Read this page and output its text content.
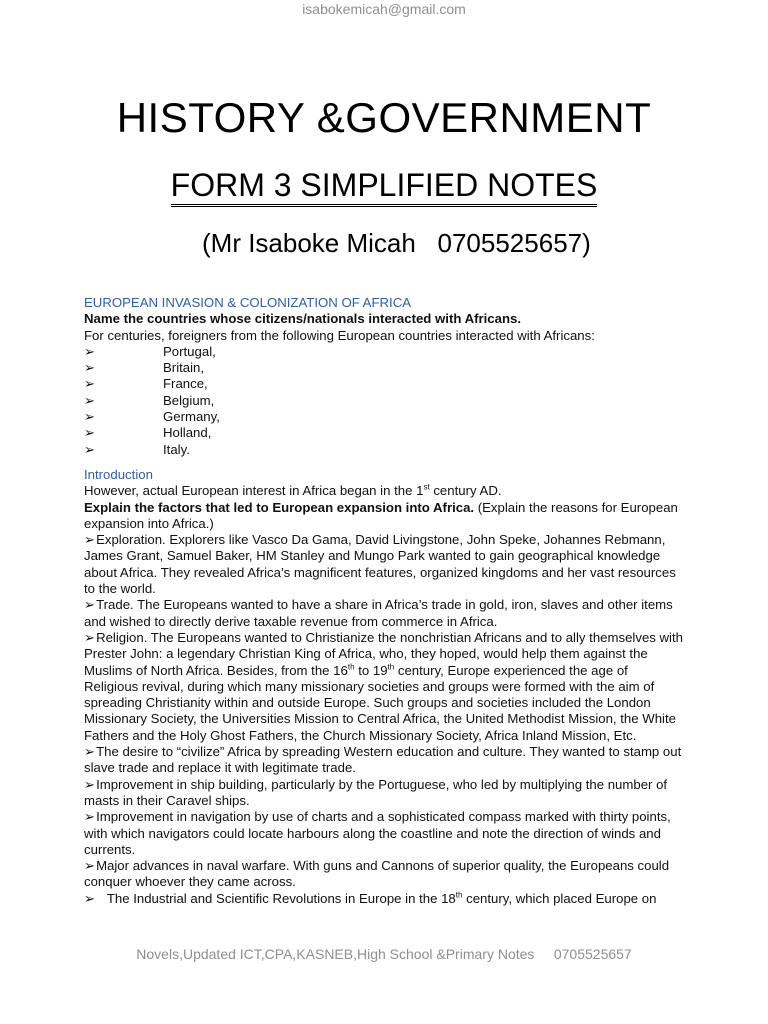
isabokemicah@gmail.com
HISTORY &GOVERNMENT
FORM 3 SIMPLIFIED NOTES
(Mr Isaboke Micah   0705525657)

EUROPEAN INVASION & COLONIZATION OF AFRICA

Name the countries whose citizens/nationals interacted with Africans.

For centuries, foreigners from the following European countries interacted with Africans:

➢	Portugal,
➢	Britain,
➢	France,
➢	Belgium,
➢	Germany,
➢	Holland,
➢	Italy.

Introduction

However, actual European interest in Africa began in the 1st century AD.

Explain the factors that led to European expansion into Africa. (Explain the reasons for European expansion into Africa.)

➢Exploration. Explorers like Vasco Da Gama, David Livingstone, John Speke, Johannes Rebmann, James Grant, Samuel Baker, HM Stanley and Mungo Park wanted to gain geographical knowledge about Africa. They revealed Africa’s magnificent features, organized kingdoms and her vast resources to the world.

➢Trade. The Europeans wanted to have a share in Africa’s trade in gold, iron, slaves and other items and wished to directly derive taxable revenue from commerce in Africa.

➢Religion. The Europeans wanted to Christianize the nonchristian Africans and to ally themselves with Prester John: a legendary Christian King of Africa, who, they hoped, would help them against the Muslims of North Africa. Besides, from the 16th to 19th century, Europe experienced the age of Religious revival, during which many missionary societies and groups were formed with the aim of spreading Christianity within and outside Europe. Such groups and societies included the London Missionary Society, the Universities Mission to Central Africa, the United Methodist Mission, the White Fathers and the Holy Ghost Fathers, the Church Missionary Society, Africa Inland Mission, Etc.

➢The desire to “civilize” Africa by spreading Western education and culture. They wanted to stamp out slave trade and replace it with legitimate trade.

➢Improvement in ship building, particularly by the Portuguese, who led by multiplying the number of masts in their Caravel ships.

➢Improvement in navigation by use of charts and a sophisticated compass marked with thirty points, with which navigators could locate harbours along the coastline and note the direction of winds and currents.

➢Major advances in naval warfare. With guns and Cannons of superior quality, the Europeans could conquer whoever they came across.

➢   The Industrial and Scientific Revolutions in Europe in the 18th century, which placed Europe on

Novels,Updated ICT,CPA,KASNEB,High School &Primary Notes     0705525657
